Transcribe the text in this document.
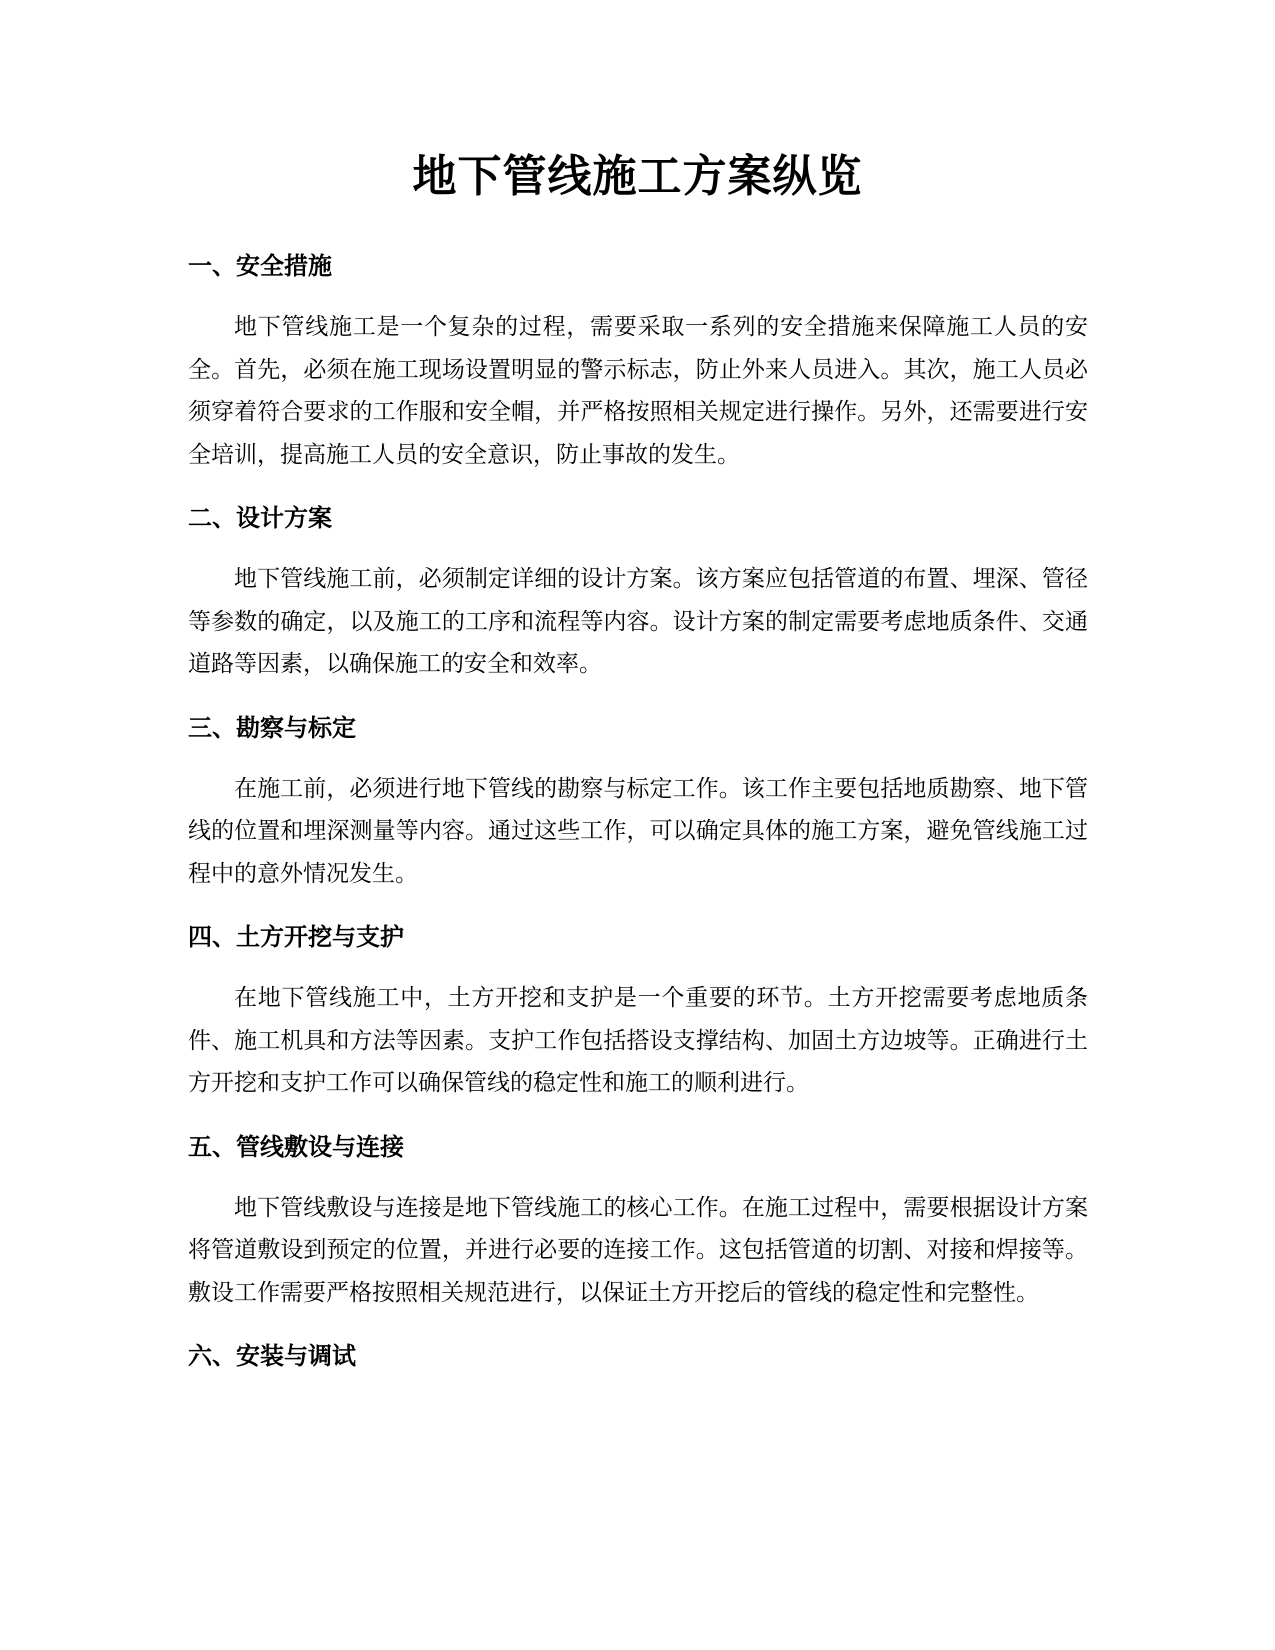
地下管线施工方案纵览
一、安全措施

地下管线施工是一个复杂的过程，需要采取一系列的安全措施来保障施工人员的安全。首先，必须在施工现场设置明显的警示标志，防止外来人员进入。其次，施工人员必须穿着符合要求的工作服和安全帽，并严格按照相关规定进行操作。另外，还需要进行安全培训，提高施工人员的安全意识，防止事故的发生。

二、设计方案

地下管线施工前，必须制定详细的设计方案。该方案应包括管道的布置、埋深、管径等参数的确定，以及施工的工序和流程等内容。设计方案的制定需要考虑地质条件、交通道路等因素，以确保施工的安全和效率。

三、勘察与标定

在施工前，必须进行地下管线的勘察与标定工作。该工作主要包括地质勘察、地下管线的位置和埋深测量等内容。通过这些工作，可以确定具体的施工方案，避免管线施工过程中的意外情况发生。

四、土方开挖与支护

在地下管线施工中，土方开挖和支护是一个重要的环节。土方开挖需要考虑地质条件、施工机具和方法等因素。支护工作包括搭设支撑结构、加固土方边坡等。正确进行土方开挖和支护工作可以确保管线的稳定性和施工的顺利进行。

五、管线敷设与连接

地下管线敷设与连接是地下管线施工的核心工作。在施工过程中，需要根据设计方案将管道敷设到预定的位置，并进行必要的连接工作。这包括管道的切割、对接和焊接等。敷设工作需要严格按照相关规范进行，以保证土方开挖后的管线的稳定性和完整性。

六、安装与调试
